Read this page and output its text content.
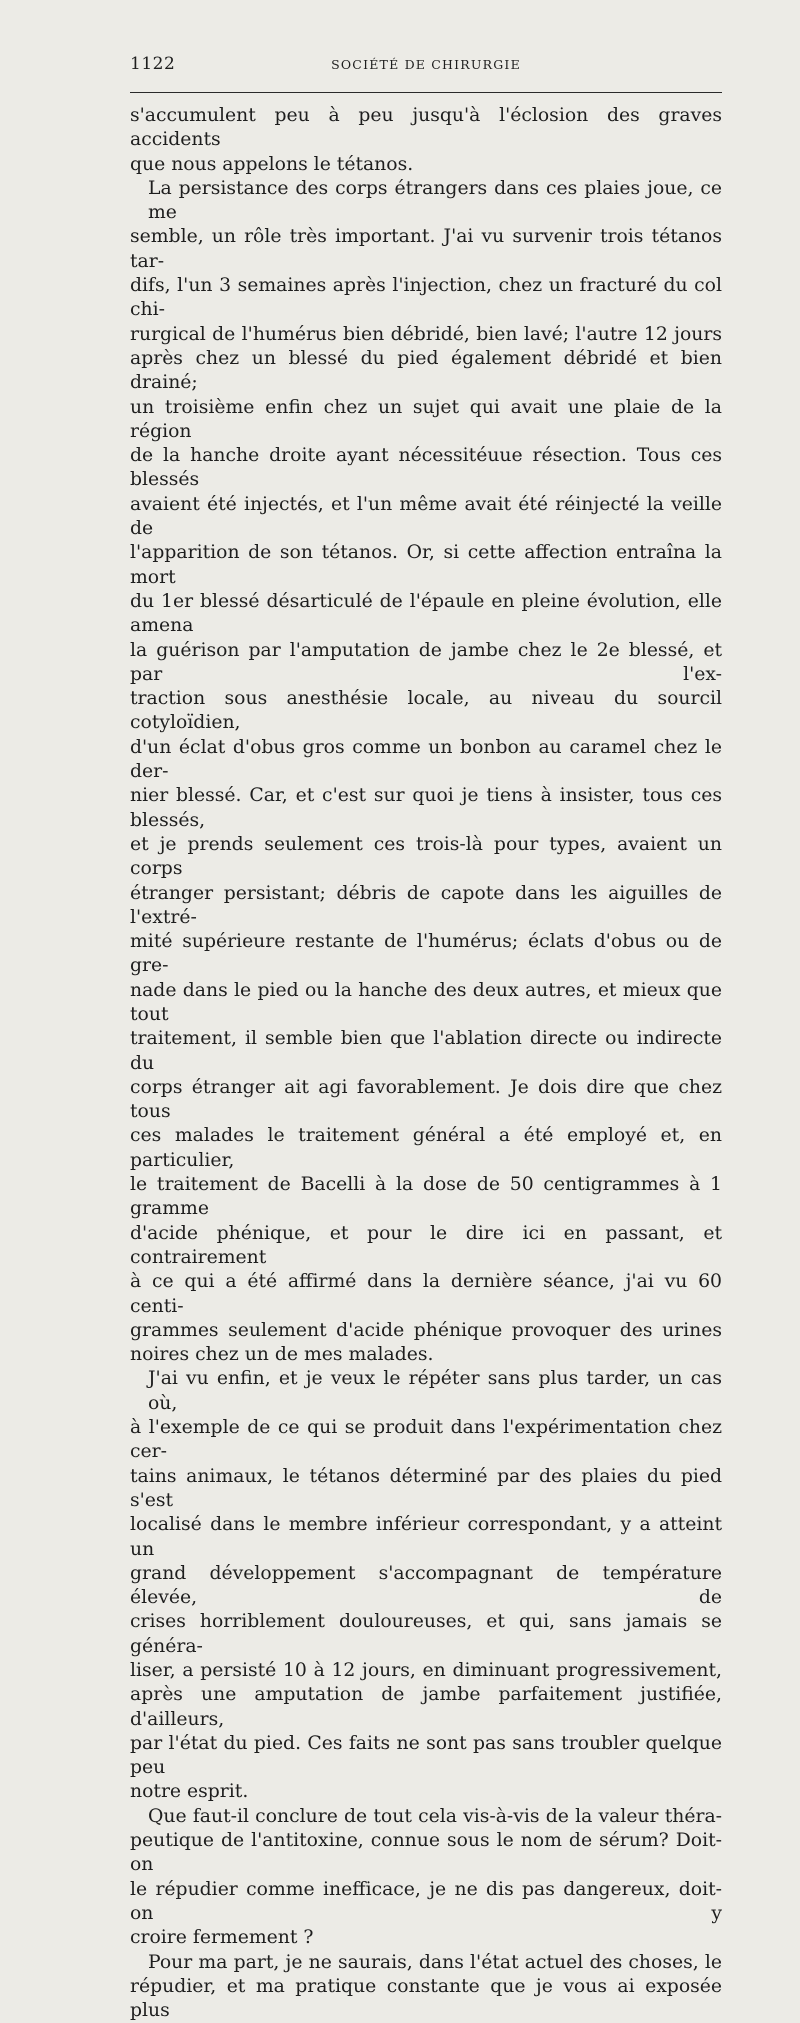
1122	SOCIÉTÉ DE CHIRURGIE
s'accumulent peu à peu jusqu'à l'éclosion des graves accidents
que nous appelons le tétanos.
La persistance des corps étrangers dans ces plaies joue, ce me
semble, un rôle très important. J'ai vu survenir trois tétanos tar-
difs, l'un 3 semaines après l'injection, chez un fracturé du col chi-
rurgical de l'humérus bien débridé, bien lavé; l'autre 12 jours
après chez un blessé du pied également débridé et bien drainé;
un troisième enfin chez un sujet qui avait une plaie de la région
de la hanche droite ayant nécessitéuue résection. Tous ces blessés
avaient été injectés, et l'un même avait été réinjecté la veille de
l'apparition de son tétanos. Or, si cette affection entraîna la mort
du 1er blessé désarticulé de l'épaule en pleine évolution, elle amena
la guérison par l'amputation de jambe chez le 2e blessé, et par l'ex-
traction sous anesthésie locale, au niveau du sourcil cotyloïdien,
d'un éclat d'obus gros comme un bonbon au caramel chez le der-
nier blessé. Car, et c'est sur quoi je tiens à insister, tous ces blessés,
et je prends seulement ces trois-là pour types, avaient un corps
étranger persistant; débris de capote dans les aiguilles de l'extré-
mité supérieure restante de l'humérus; éclats d'obus ou de gre-
nade dans le pied ou la hanche des deux autres, et mieux que tout
traitement, il semble bien que l'ablation directe ou indirecte du
corps étranger ait agi favorablement. Je dois dire que chez tous
ces malades le traitement général a été employé et, en particulier,
le traitement de Bacelli à la dose de 50 centigrammes à 1 gramme
d'acide phénique, et pour le dire ici en passant, et contrairement
à ce qui a été affirmé dans la dernière séance, j'ai vu 60 centi-
grammes seulement d'acide phénique provoquer des urines
noires chez un de mes malades.
J'ai vu enfin, et je veux le répéter sans plus tarder, un cas où,
à l'exemple de ce qui se produit dans l'expérimentation chez cer-
tains animaux, le tétanos déterminé par des plaies du pied s'est
localisé dans le membre inférieur correspondant, y a atteint un
grand développement s'accompagnant de température élevée, de
crises horriblement douloureuses, et qui, sans jamais se généra-
liser, a persisté 10 à 12 jours, en diminuant progressivement,
après une amputation de jambe parfaitement justifiée, d'ailleurs,
par l'état du pied. Ces faits ne sont pas sans troubler quelque peu
notre esprit.
Que faut-il conclure de tout cela vis-à-vis de la valeur théra-
peutique de l'antitoxine, connue sous le nom de sérum? Doit-on
le répudier comme inefficace, je ne dis pas dangereux, doit-on y
croire fermement ?
Pour ma part, je ne saurais, dans l'état actuel des choses, le
répudier, et ma pratique constante que je vous ai exposée plus
